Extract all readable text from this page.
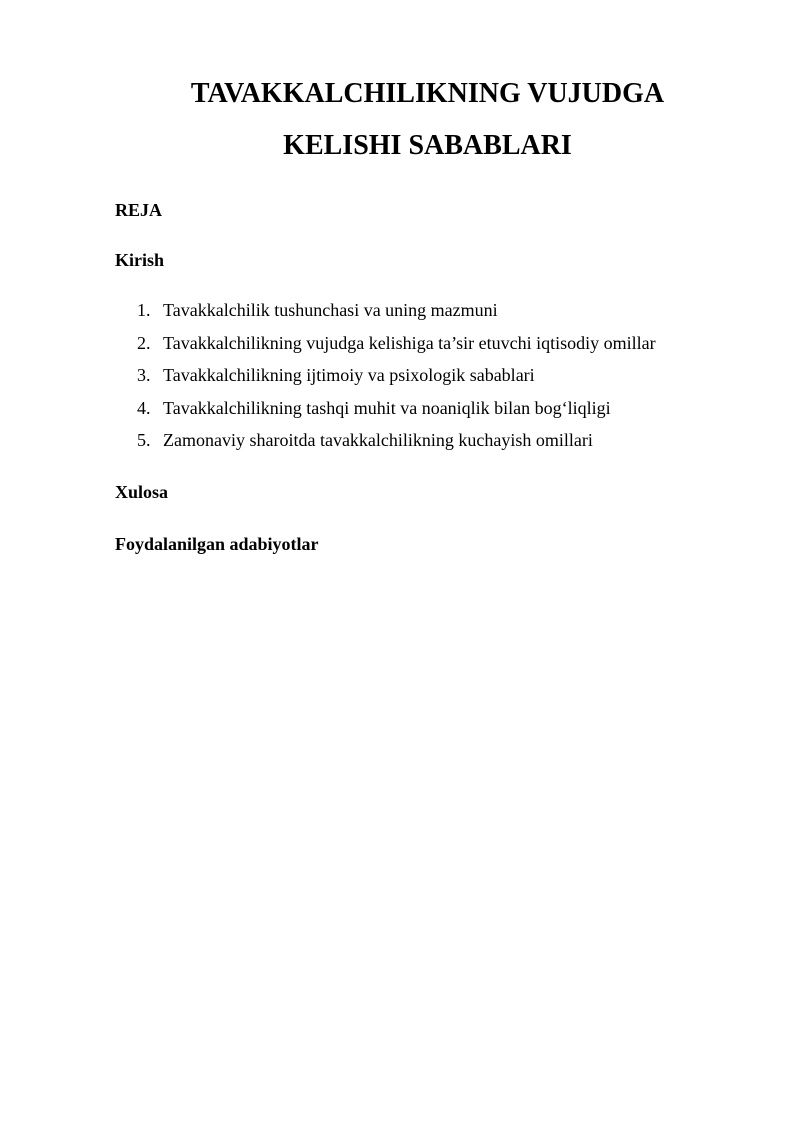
TAVAKKALCHILIKNING VUJUDGA
KELISHI SABABLARI
REJA
Kirish
1. Tavakkalchilik tushunchasi va uning mazmuni
2. Tavakkalchilikning vujudga kelishiga ta’sir etuvchi iqtisodiy omillar
3. Tavakkalchilikning ijtimoiy va psixologik sabablari
4. Tavakkalchilikning tashqi muhit va noaniqlik bilan bog‘liqligi
5. Zamonaviy sharoitda tavakkalchilikning kuchayish omillari
Xulosa
Foydalanilgan adabiyotlar
